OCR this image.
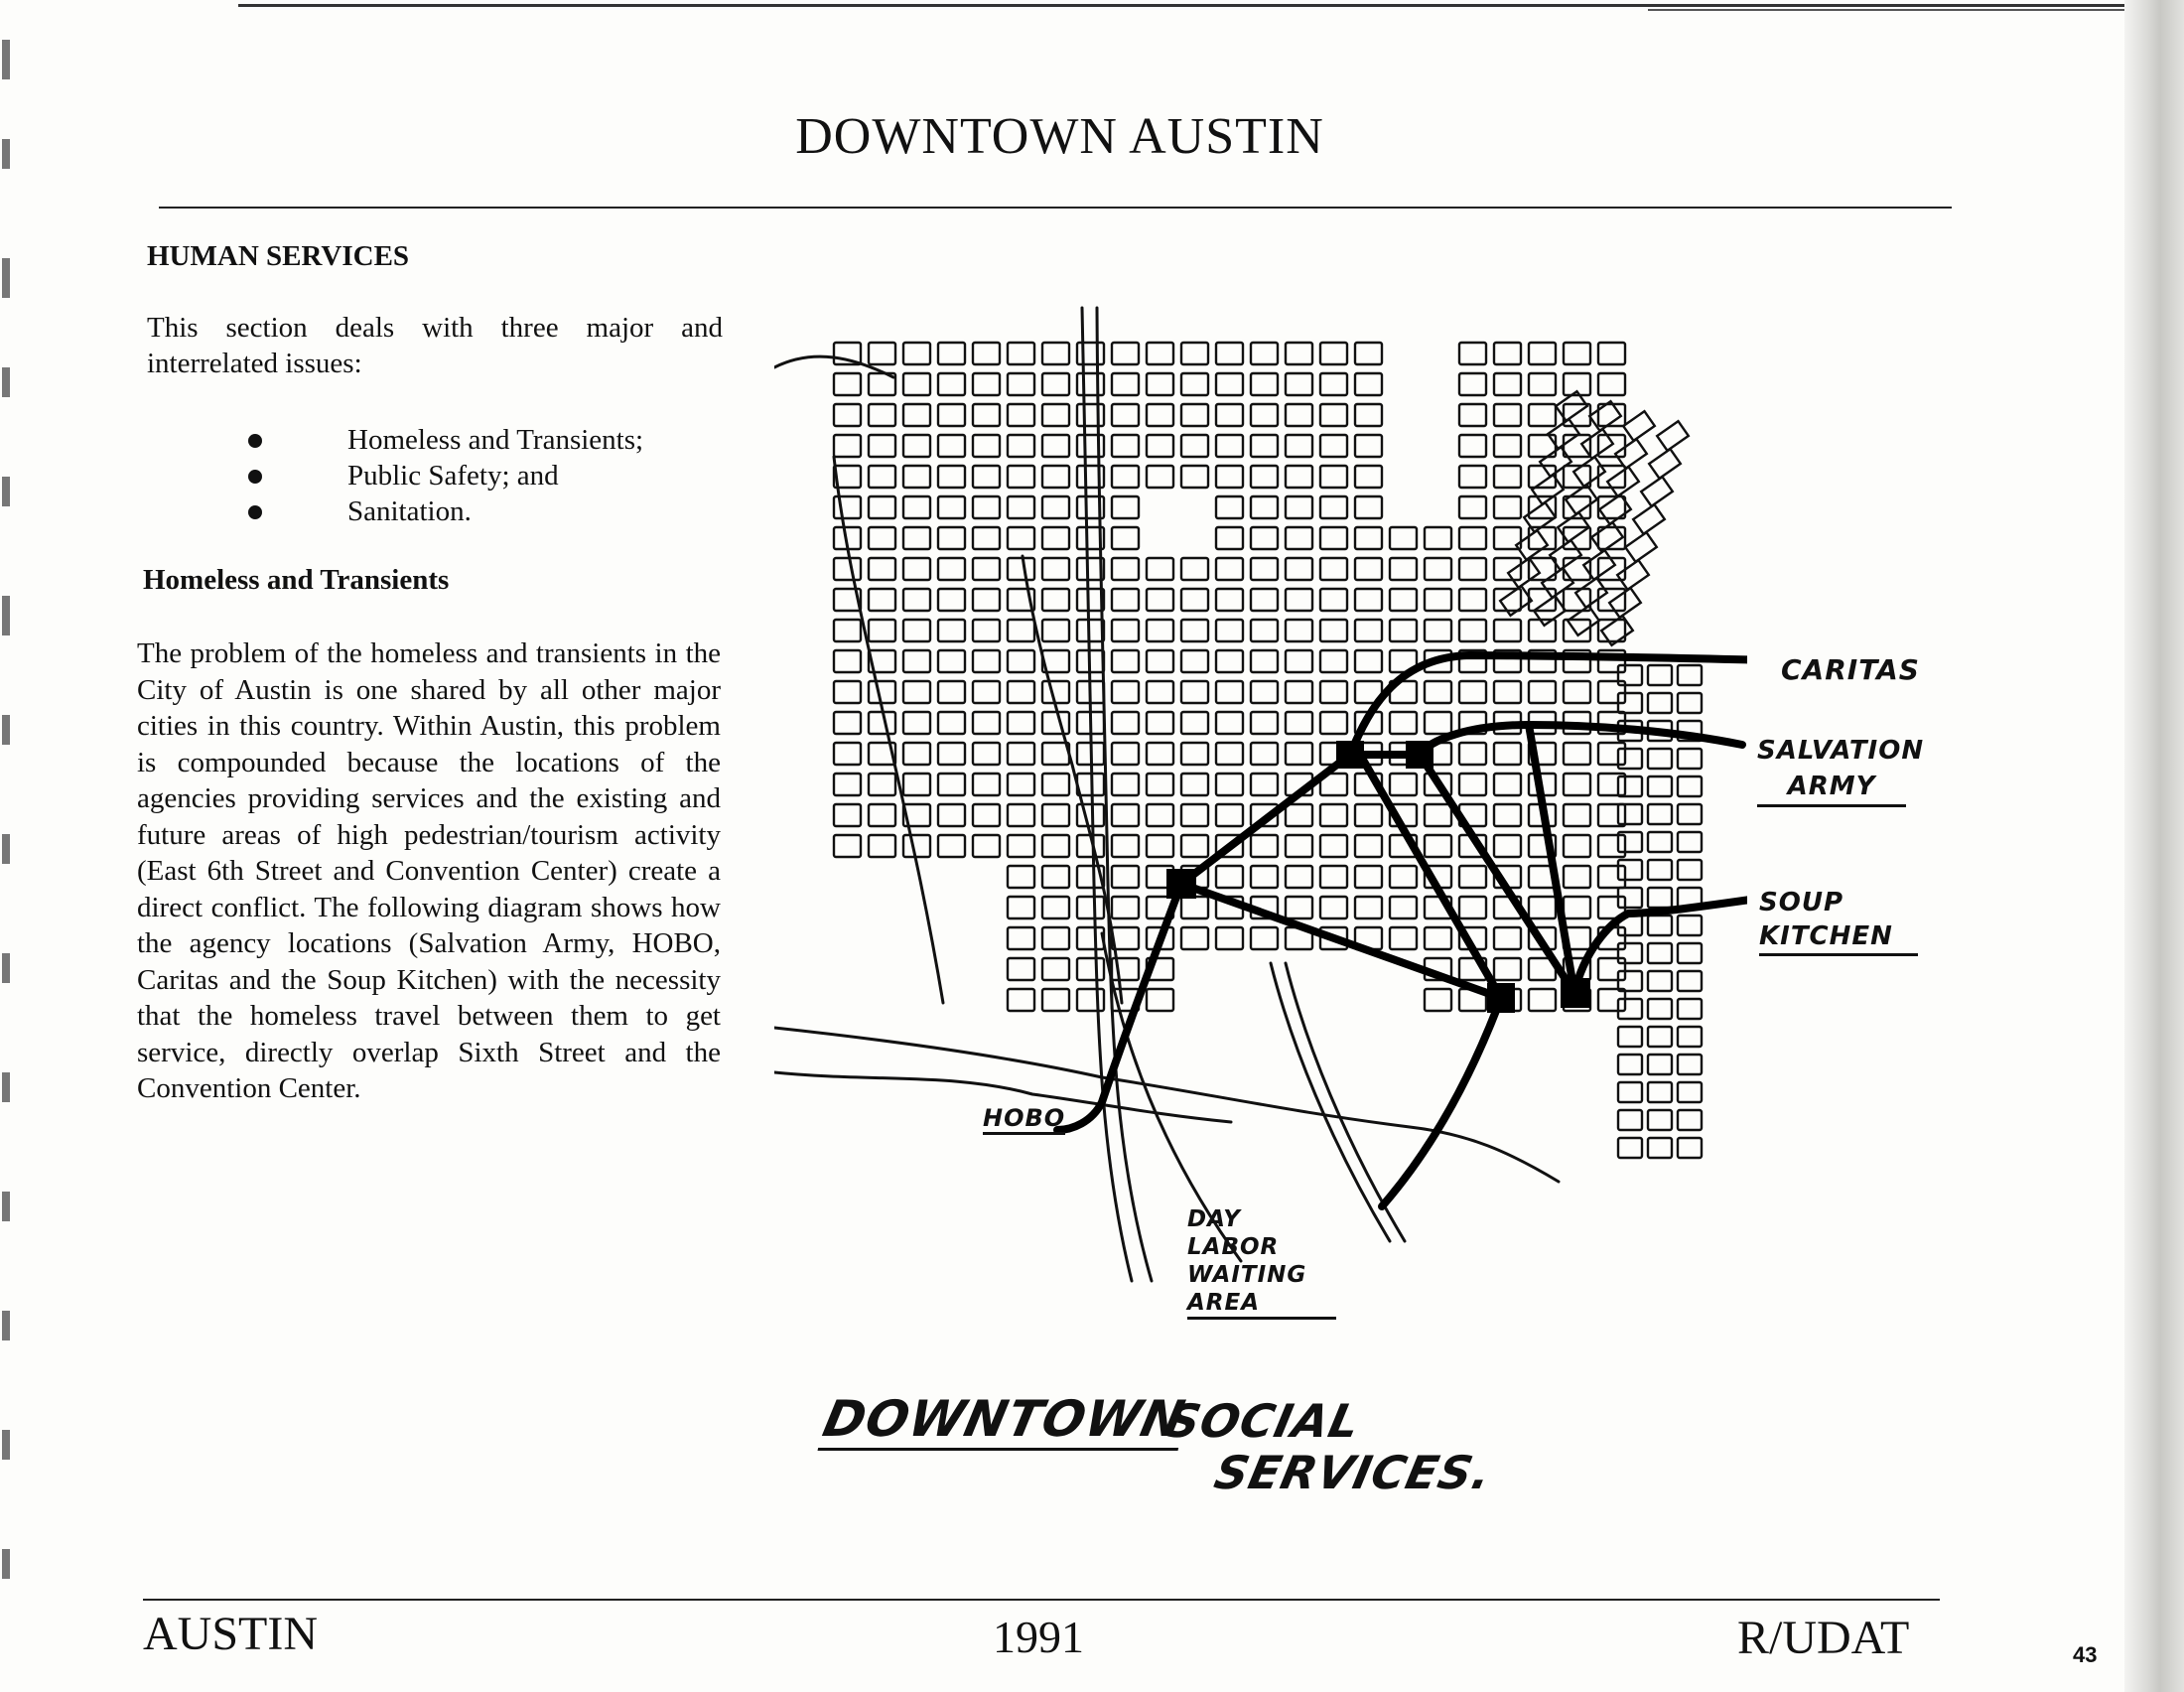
DOWNTOWN AUSTIN
HUMAN SERVICES
This section deals with three major and interrelated issues:
Homeless and Transients;
Public Safety; and
Sanitation.
Homeless and Transients
The problem of the homeless and transients in the City of Austin is one shared by all other major cities in this country. Within Austin, this problem is compounded because the locations of the agencies providing services and the existing and future areas of high pedestrian/tourism activity (East 6th Street and Convention Center) create a direct conflict. The following diagram shows how the agency locations (Salvation Army, HOBO, Caritas and the Soup Kitchen) with the necessity that the homeless travel between them to get service, directly overlap Sixth Street and the Convention Center.
CARITAS
SALVATION
ARMY
SOUP
KITCHEN
HOBO
DAY LABOR
WAITING
AREA
DOWNTOWN
SOCIAL
SERVICES.
AUSTIN	1991	R/UDAT	43
